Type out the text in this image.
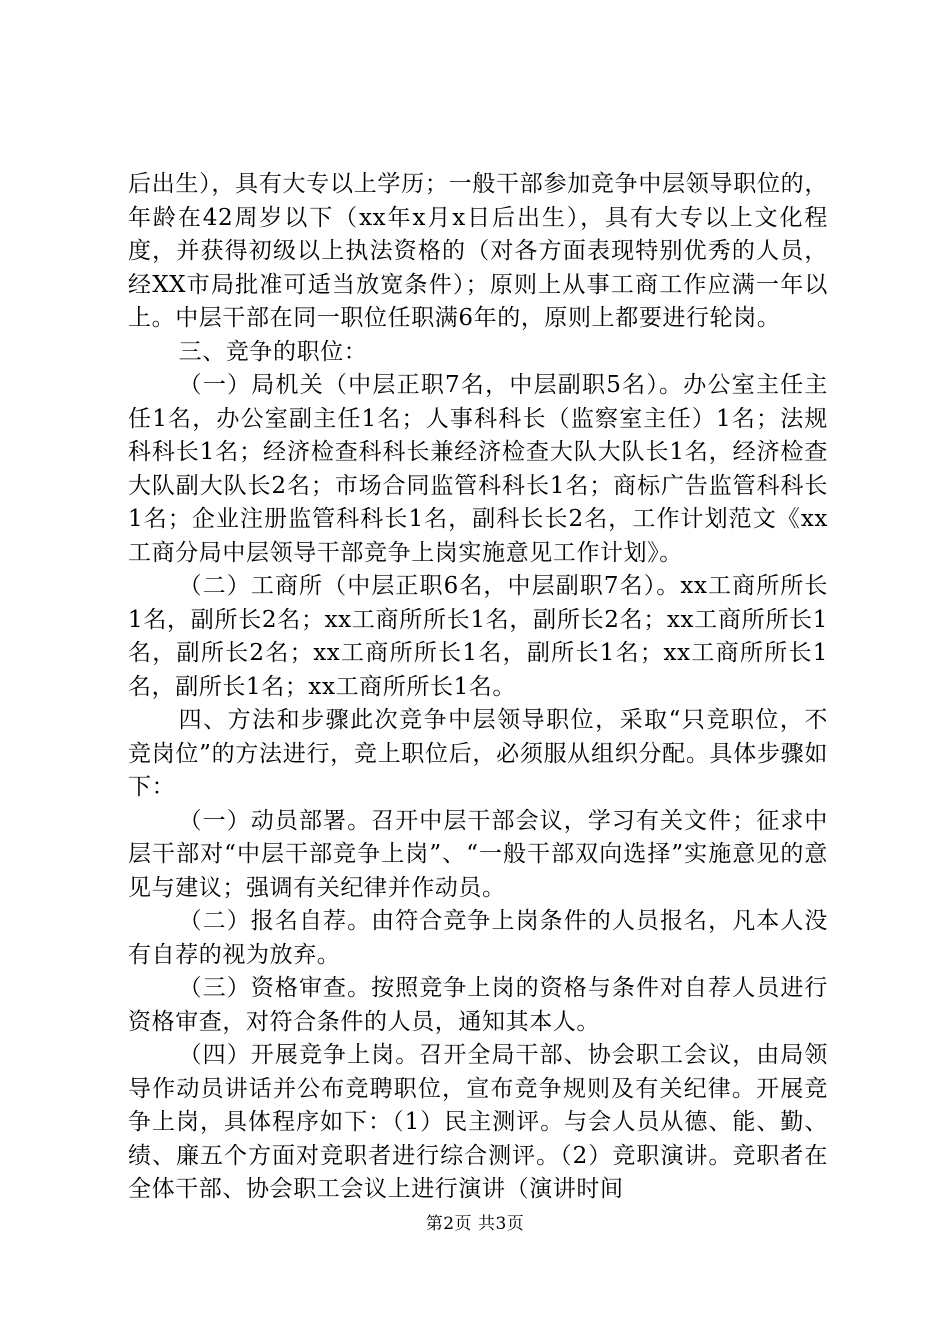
后出生），具有大专以上学历；一般干部参加竞争中层领导职位的，年龄在42周岁以下（xx年x月x日后出生），具有大专以上文化程度，并获得初级以上执法资格的（对各方面表现特别优秀的人员，经XX市局批准可适当放宽条件）；原则上从事工商工作应满一年以上。中层干部在同一职位任职满6年的，原则上都要进行轮岗。

三、竞争的职位：

（一）局机关（中层正职7名，中层副职5名）。办公室主任主任1名，办公室副主任1名；人事科科长（监察室主任）1名；法规科科长1名；经济检查科科长兼经济检查大队大队长1名，经济检查大队副大队长2名；市场合同监管科科长1名；商标广告监管科科长1名；企业注册监管科科长1名，副科长长2名，工作计划范文《xx工商分局中层领导干部竞争上岗实施意见工作计划》。

（二）工商所（中层正职6名，中层副职7名）。xx工商所所长1名，副所长2名；xx工商所所长1名，副所长2名；xx工商所所长1名，副所长2名；xx工商所所长1名，副所长1名；xx工商所所长1名，副所长1名；xx工商所所长1名。

四、方法和步骤此次竞争中层领导职位，采取“只竞职位，不竞岗位”的方法进行，竞上职位后，必须服从组织分配。具体步骤如下：

（一）动员部署。召开中层干部会议，学习有关文件；征求中层干部对“中层干部竞争上岗”、“一般干部双向选择”实施意见的意见与建议；强调有关纪律并作动员。

（二）报名自荐。由符合竞争上岗条件的人员报名，凡本人没有自荐的视为放弃。

（三）资格审查。按照竞争上岗的资格与条件对自荐人员进行资格审查，对符合条件的人员，通知其本人。

（四）开展竞争上岗。召开全局干部、协会职工会议，由局领导作动员讲话并公布竞聘职位，宣布竞争规则及有关纪律。开展竞争上岗，具体程序如下：（1）民主测评。与会人员从德、能、勤、绩、廉五个方面对竞职者进行综合测评。（2）竞职演讲。竞职者在全体干部、协会职工会议上进行演讲（演讲时间

第2页 共3页
